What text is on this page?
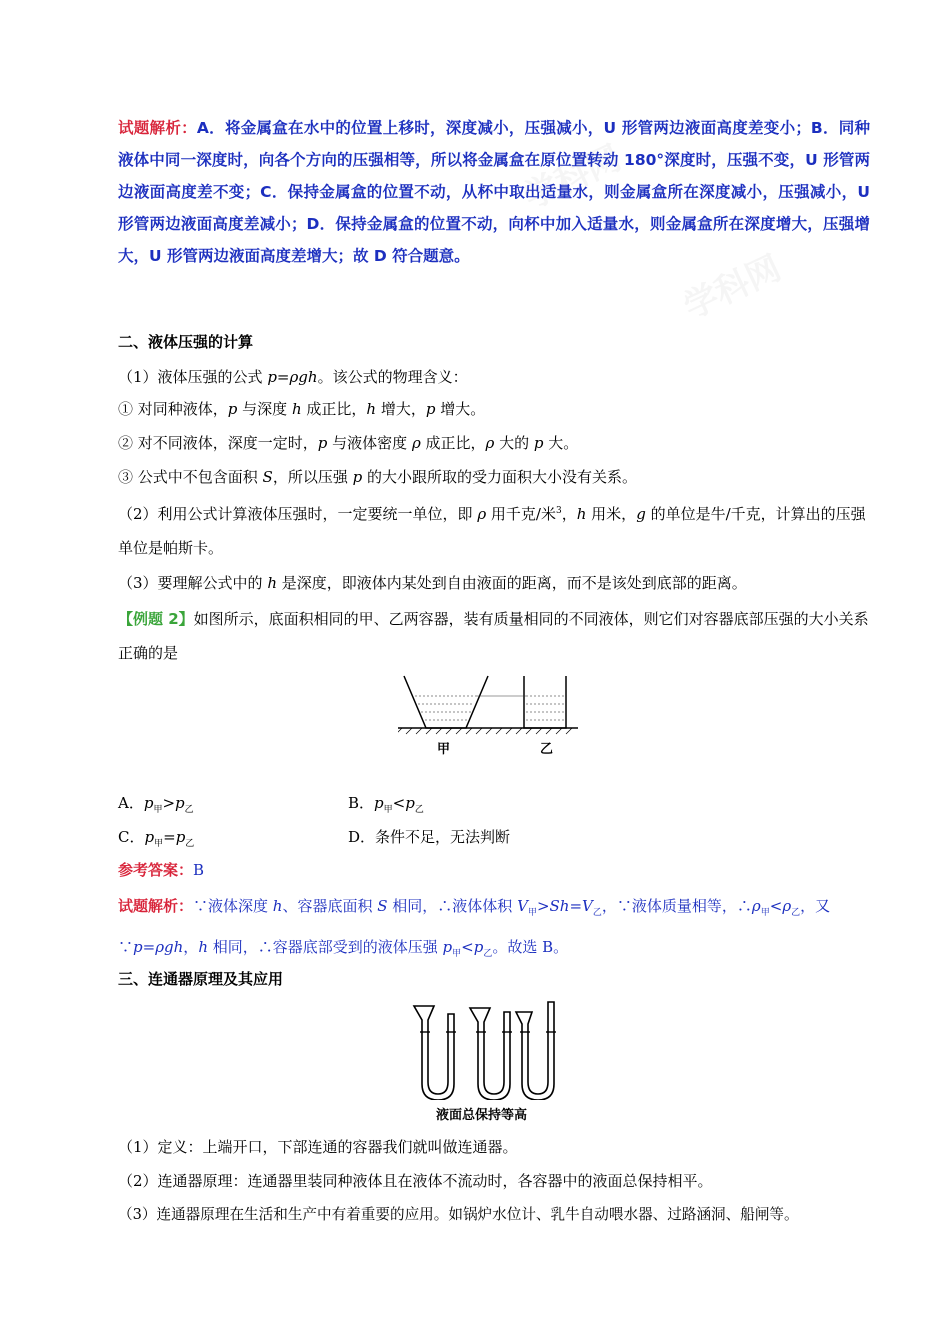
学科网
学科网
试题解析：A．将金属盒在水中的位置上移时，深度减小，压强减小，U 形管两边液面高度差变小；B．同种液体中同一深度时，向各个方向的压强相等，所以将金属盒在原位置转动 180°深度时，压强不变，U 形管两边液面高度差不变；C．保持金属盒的位置不动，从杯中取出适量水，则金属盒所在深度减小，压强减小，U 形管两边液面高度差减小；D．保持金属盒的位置不动，向杯中加入适量水，则金属盒所在深度增大，压强增大，U 形管两边液面高度差增大；故 D 符合题意。
二、液体压强的计算
（1）液体压强的公式 p=ρgh。该公式的物理含义：
① 对同种液体，p 与深度 h 成正比，h 增大，p 增大。
② 对不同液体，深度一定时，p 与液体密度 ρ 成正比，ρ 大的 p 大。
③ 公式中不包含面积 S，所以压强 p 的大小跟所取的受力面积大小没有关系。
（2）利用公式计算液体压强时，一定要统一单位，即 ρ 用千克/米$^3$，h 用米，g 的单位是牛/千克，计算出的压强单位是帕斯卡。
（3）要理解公式中的 h 是深度，即液体内某处到自由液面的距离，而不是该处到底部的距离。
【例题 2】如图所示，底面积相同的甲、乙两容器，装有质量相同的不同液体，则它们对容器底部压强的大小关系正确的是
甲	乙
A．$p_甲>p_乙$	B．$p_甲<p_乙$
C．$p_甲=p_乙$	D．条件不足，无法判断
参考答案：B
试题解析：∵液体深度 h、容器底面积 S 相同，∴液体体积 $V_甲>Sh=V_乙$，∵液体质量相等，$\therefore\rho_甲<\rho_乙$，又∵p=ρgh，h 相同，∴容器底部受到的液体压强 $p_甲<p_乙$。故选 B。
三、连通器原理及其应用
液面总保持等高
（1）定义：上端开口，下部连通的容器我们就叫做连通器。
（2）连通器原理：连通器里装同种液体且在液体不流动时，各容器中的液面总保持相平。
（3）连通器原理在生活和生产中有着重要的应用。如锅炉水位计、乳牛自动喂水器、过路涵洞、船闸等。
